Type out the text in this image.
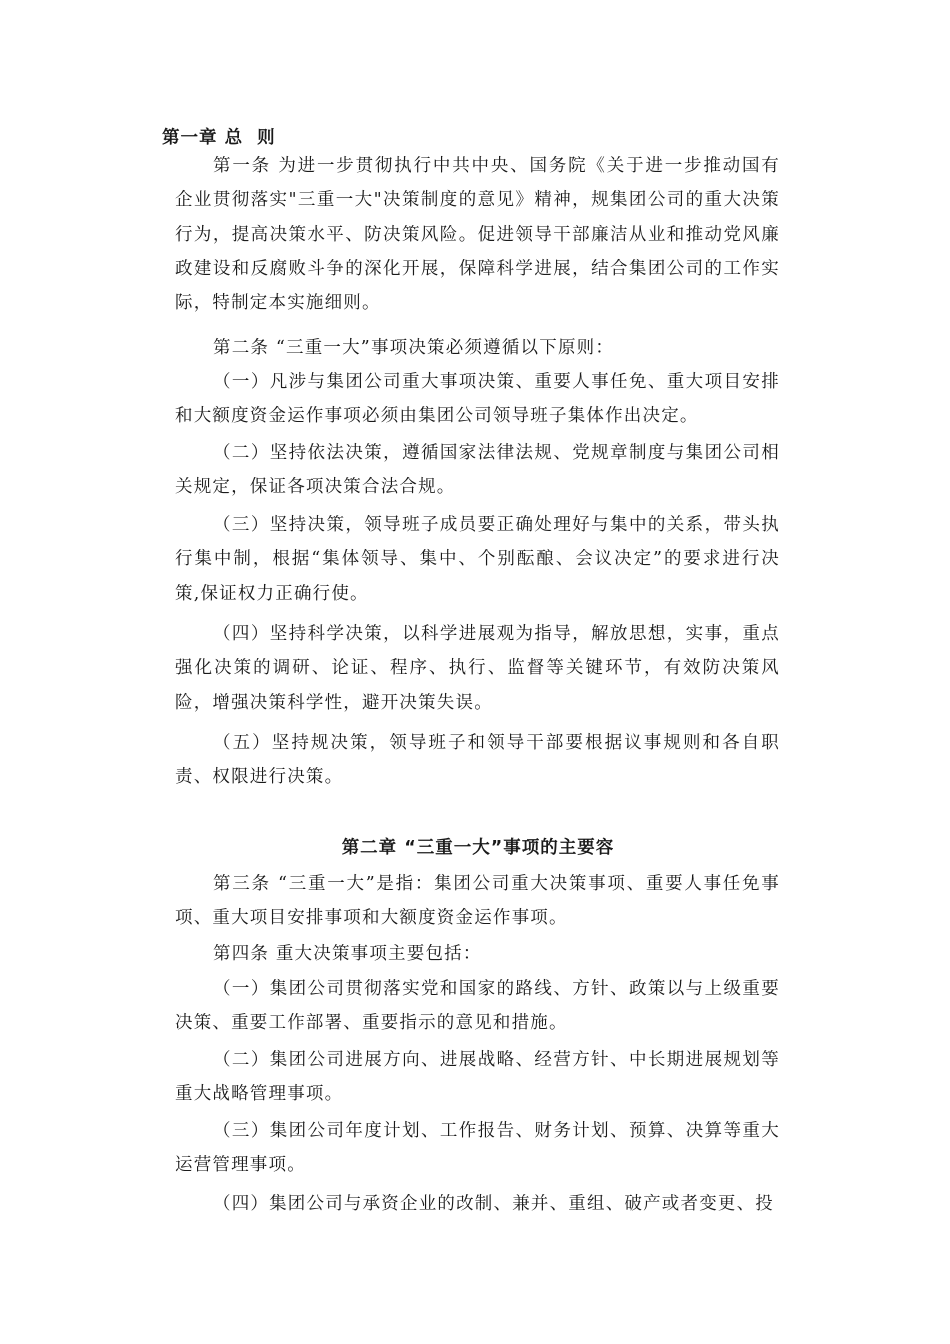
第一章 总 则

第一条 为进一步贯彻执行中共中央、国务院《关于进一步推动国有企业贯彻落实"三重一大"决策制度的意见》精神，规集团公司的重大决策行为，提高决策水平、防决策风险。促进领导干部廉洁从业和推动党风廉政建设和反腐败斗争的深化开展，保障科学进展，结合集团公司的工作实际，特制定本实施细则。

第二条 “三重一大”事项决策必须遵循以下原则：

（一）凡涉与集团公司重大事项决策、重要人事任免、重大项目安排和大额度资金运作事项必须由集团公司领导班子集体作出决定。

（二）坚持依法决策，遵循国家法律法规、党规章制度与集团公司相关规定，保证各项决策合法合规。

（三）坚持决策，领导班子成员要正确处理好与集中的关系，带头执行集中制，根据“集体领导、集中、个别酝酿、会议决定”的要求进行决策,保证权力正确行使。

（四）坚持科学决策，以科学进展观为指导，解放思想，实事，重点强化决策的调研、论证、程序、执行、监督等关键环节，有效防决策风险，增强决策科学性，避开决策失误。

（五）坚持规决策，领导班子和领导干部要根据议事规则和各自职责、权限进行决策。

第二章 “三重一大”事项的主要容

第三条 “三重一大”是指：集团公司重大决策事项、重要人事任免事项、重大项目安排事项和大额度资金运作事项。

第四条 重大决策事项主要包括：

（一）集团公司贯彻落实党和国家的路线、方针、政策以与上级重要决策、重要工作部署、重要指示的意见和措施。

（二）集团公司进展方向、进展战略、经营方针、中长期进展规划等重大战略管理事项。

（三）集团公司年度计划、工作报告、财务计划、预算、决算等重大运营管理事项。

（四）集团公司与承资企业的改制、兼并、重组、破产或者变更、投
